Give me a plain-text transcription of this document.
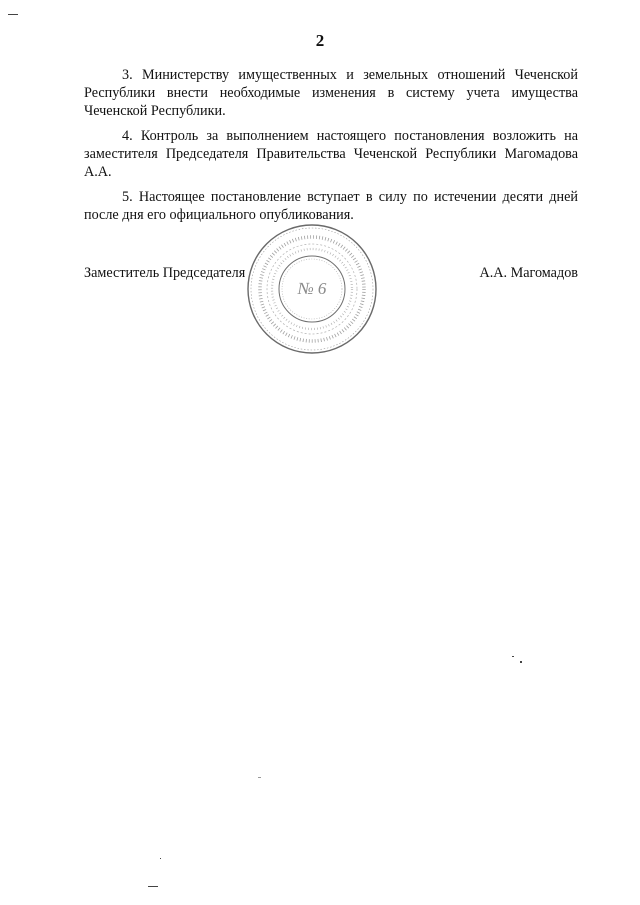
2

3. Министерству имущественных и земельных отношений Чеченской Республики внести необходимые изменения в систему учета имущества Чеченской Республики.

4. Контроль за выполнением настоящего постановления возложить на заместителя Председателя Правительства Чеченской Республики Магомадова А.А.

5. Настоящее постановление вступает в силу по истечении десяти дней после дня его официального опубликования.

Заместитель Председателя
№ 6
А.А. Магомадов
